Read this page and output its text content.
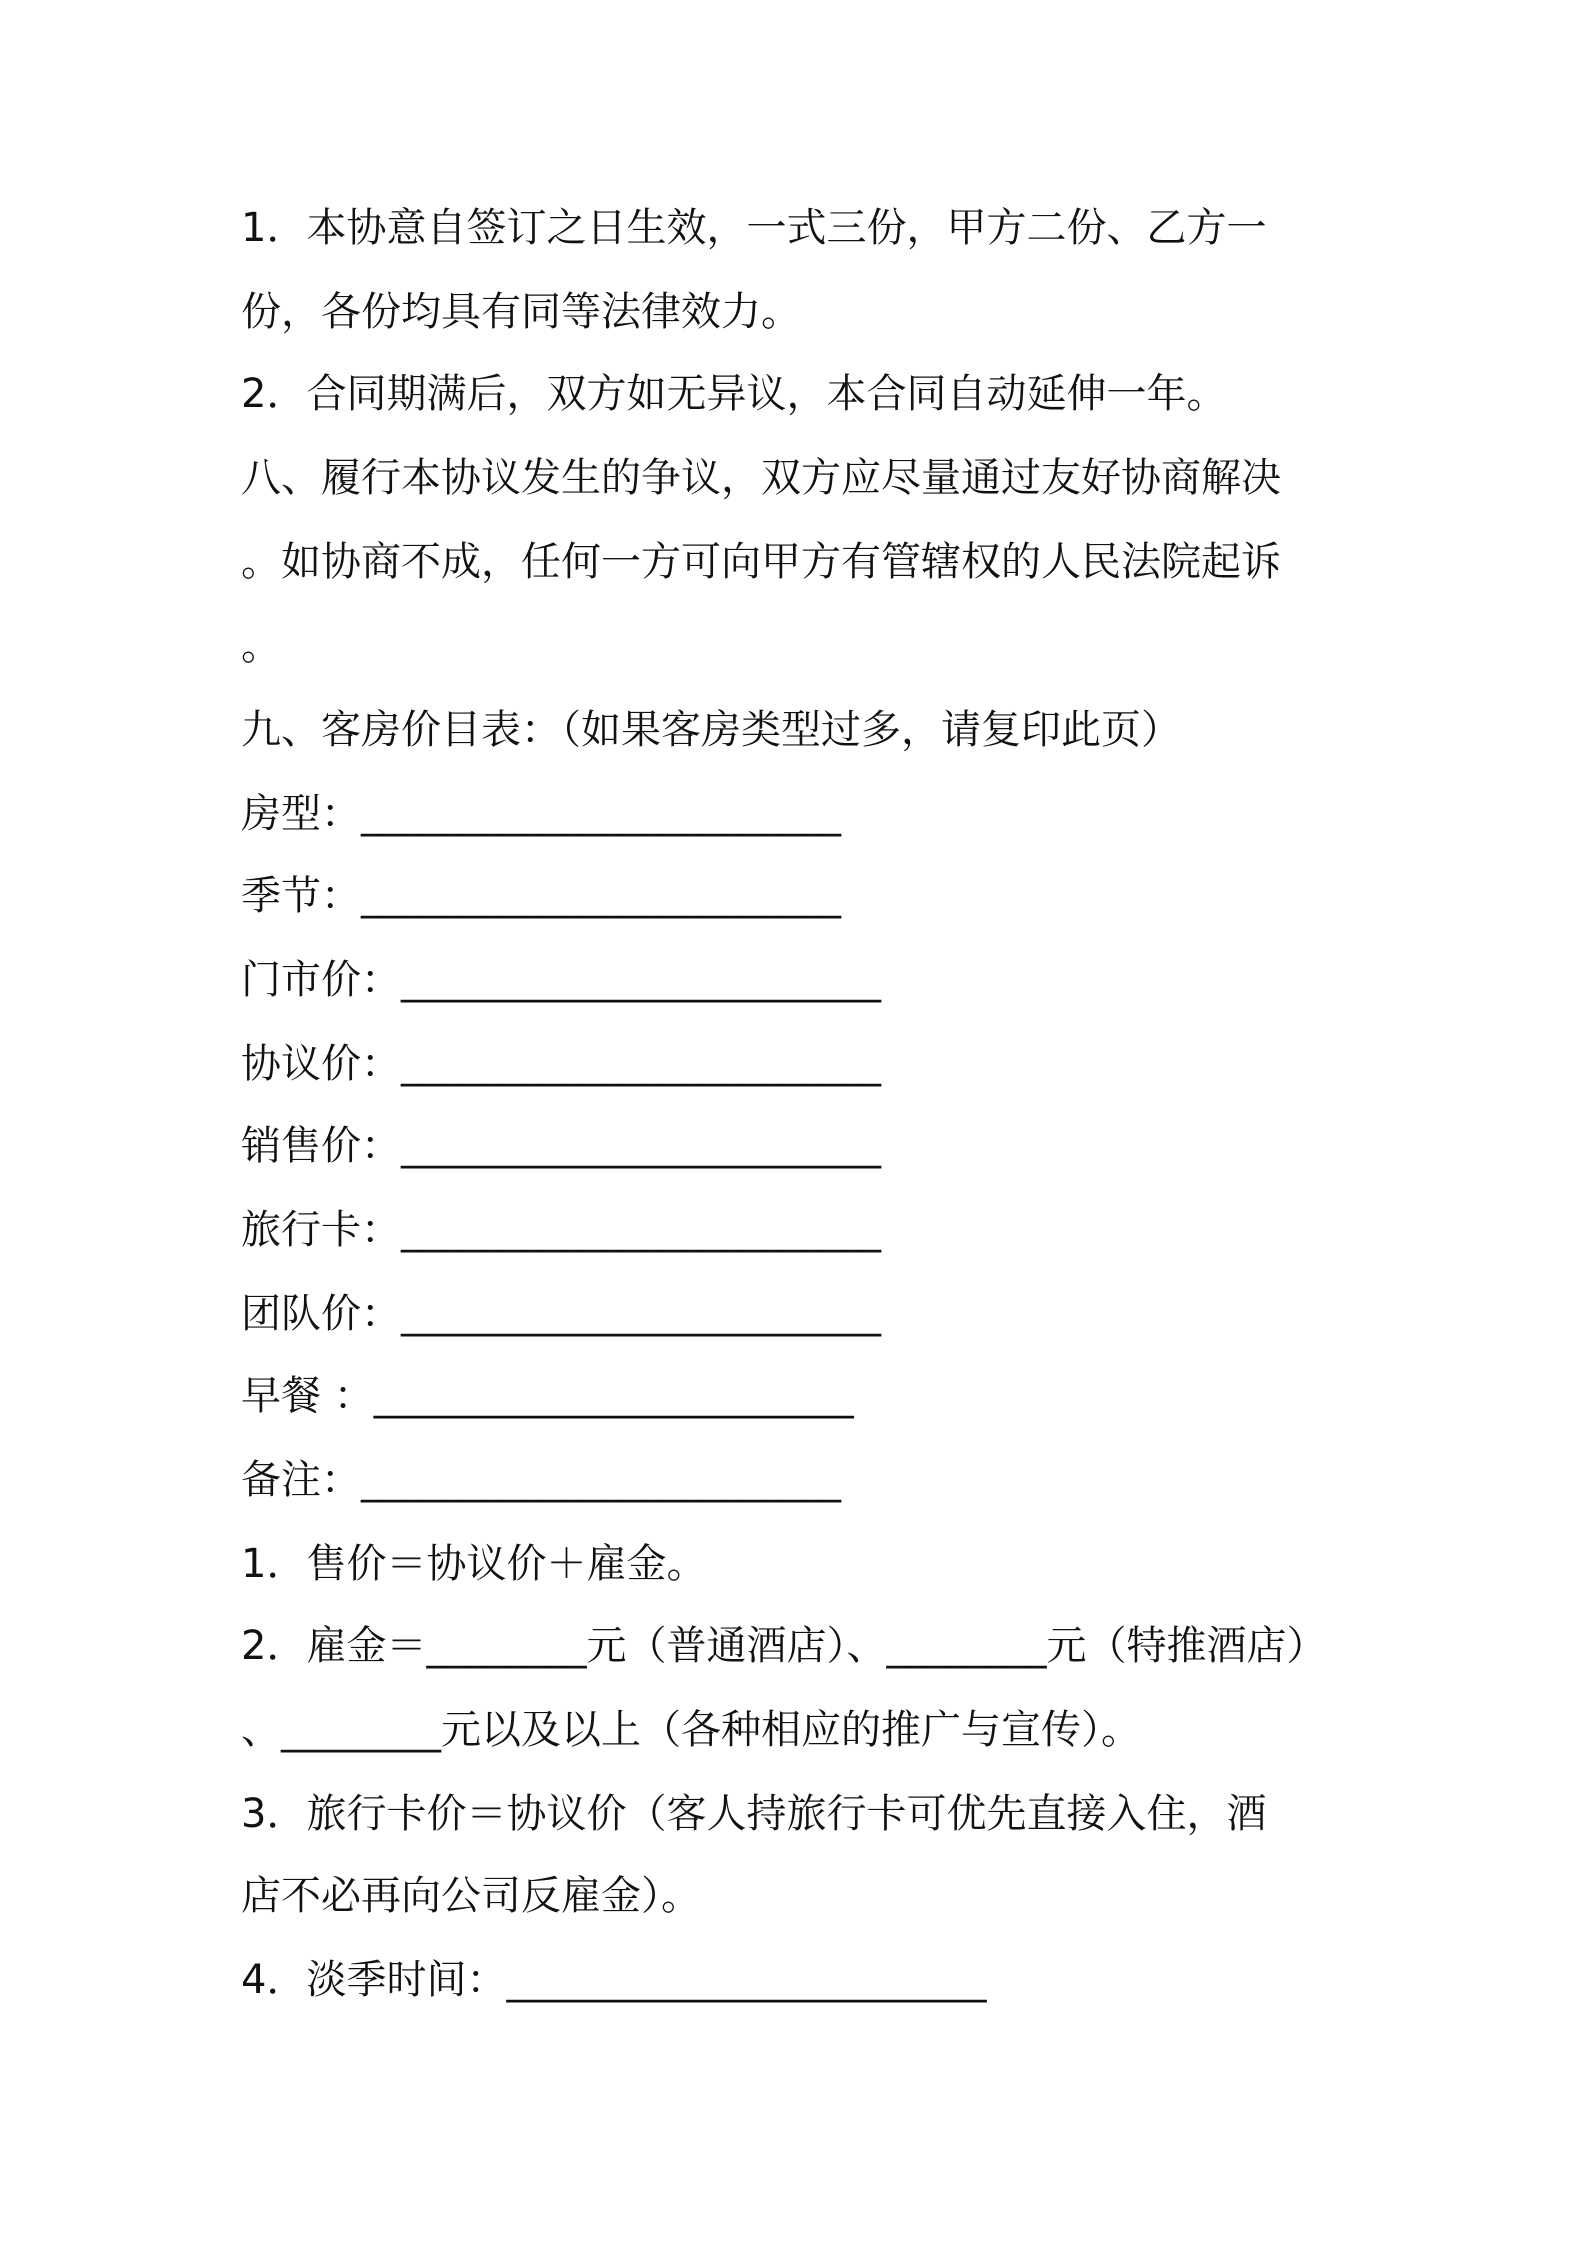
1．本协意自签订之日生效，一式三份，甲方二份、乙方一
份，各份均具有同等法律效力。
2．合同期满后，双方如无异议，本合同自动延伸一年。
八、履行本协议发生的争议，双方应尽量通过友好协商解决
。如协商不成，任何一方可向甲方有管辖权的人民法院起诉
。
九、客房价目表：（如果客房类型过多，请复印此页）
房型：________________________
季节：________________________
门市价：________________________
协议价：________________________
销售价：________________________
旅行卡：________________________
团队价：________________________
早餐 ：________________________
备注：________________________
1．售价＝协议价＋雇金。
2．雇金＝________元（普通酒店）、________元（特推酒店）
、________元以及以上（各种相应的推广与宣传）。
3．旅行卡价＝协议价（客人持旅行卡可优先直接入住，酒
店不必再向公司反雇金）。
4．淡季时间：________________________
